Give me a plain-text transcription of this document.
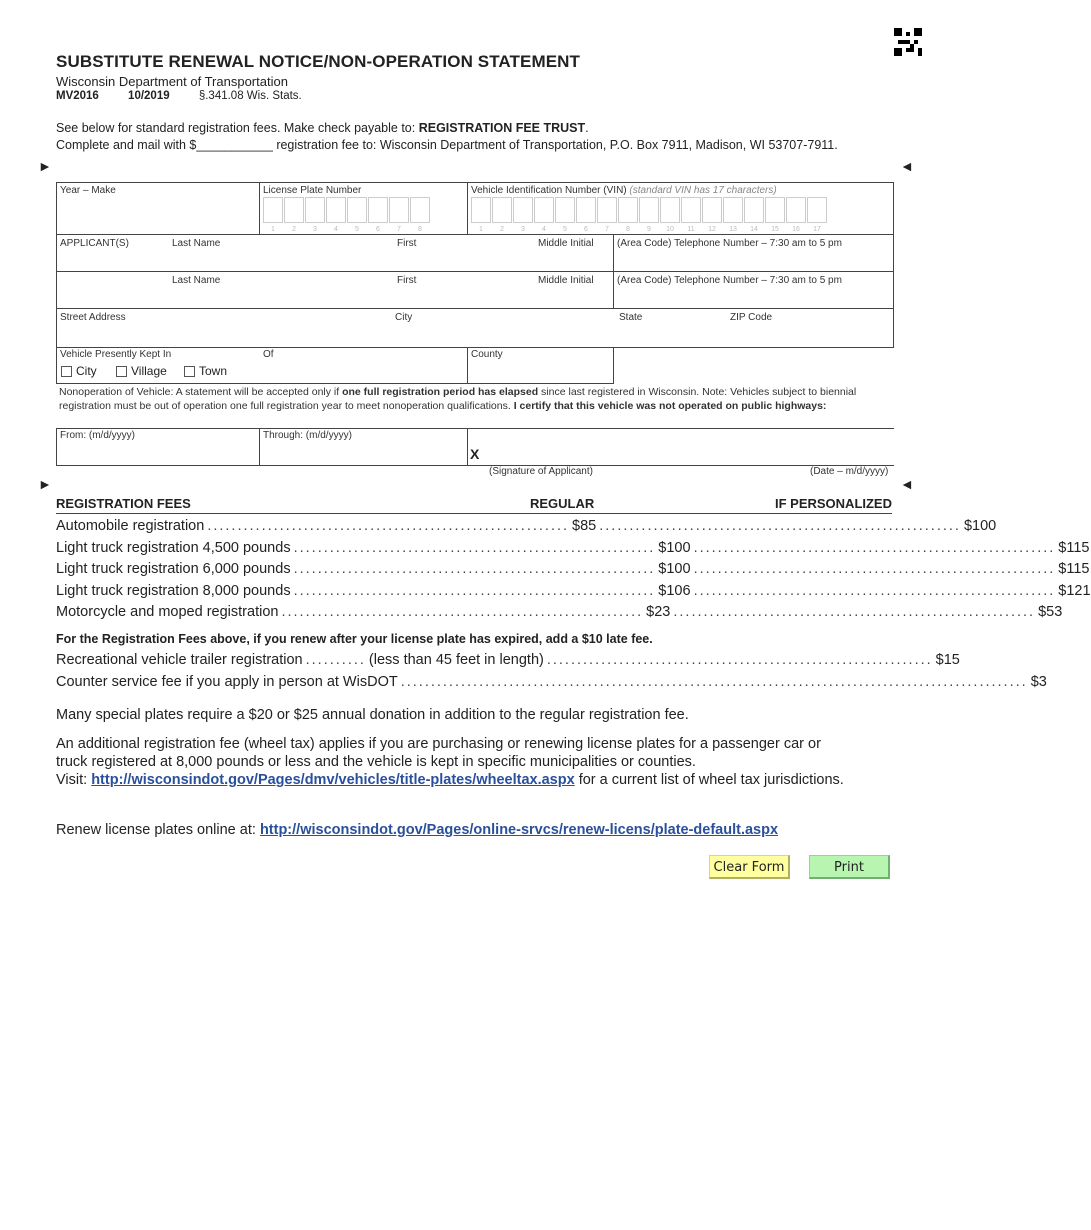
SUBSTITUTE RENEWAL NOTICE/NON-OPERATION STATEMENT
Wisconsin Department of Transportation
MV2016	10/2019	§.341.08 Wis. Stats.
See below for standard registration fees. Make check payable to: REGISTRATION FEE TRUST.
Complete and mail with $___________ registration fee to: Wisconsin Department of Transportation, P.O. Box 7911, Madison, WI 53707-7911.
►	◄
►	◄
Year – Make	License Plate Number
1	2	3	4	5	6	7	8
Vehicle Identification Number (VIN) (standard VIN has 17 characters)
1	2	3	4	5	6	7	8	9	10	11	12	13	14	15	16	17
APPLICANT(S)	Last Name	First	Middle Initial (Area Code) Telephone Number – 7:30 am to 5 pm
Last Name	First	Middle Initial (Area Code) Telephone Number – 7:30 am to 5 pm
Street Address	City	State	ZIP Code
Vehicle Presently Kept In	Of
City	Village	Town
County
Nonoperation of Vehicle: A statement will be accepted only if one full registration period has elapsed since last registered in Wisconsin. Note: Vehicles subject to biennial registration must be out of operation one full registration year to meet nonoperation qualifications. I certify that this vehicle was not operated on public highways:
From: (m/d/yyyy)	Through: (m/d/yyyy)
X
(Signature of Applicant)	(Date – m/d/yyyy)
REGISTRATION FEES	REGULAR	IF PERSONALIZED
Automobile registration ............................................................ $85 ............................................................ $100
Light truck registration 4,500 pounds ............................................................ $100 ............................................................ $115
Light truck registration 6,000 pounds ............................................................ $100 ............................................................ $115
Light truck registration 8,000 pounds ............................................................ $106 ............................................................ $121
Motorcycle and moped registration ............................................................ $23 ............................................................ $53
For the Registration Fees above, if you renew after your license plate has expired, add a $10 late fee.
Recreational vehicle trailer registration .......... (less than 45 feet in length) ................................................................ $15
Counter service fee if you apply in person at WisDOT ........................................................................................................ $3
Many special plates require a $20 or $25 annual donation in addition to the regular registration fee.
An additional registration fee (wheel tax) applies if you are purchasing or renewing license plates for a passenger car or truck registered at 8,000 pounds or less and the vehicle is kept in specific municipalities or counties.
Visit: http://wisconsindot.gov/Pages/dmv/vehicles/title-plates/wheeltax.aspx for a current list of wheel tax jurisdictions.
Renew license plates online at: http://wisconsindot.gov/Pages/online-srvcs/renew-licens/plate-default.aspx
Clear Form	Print
